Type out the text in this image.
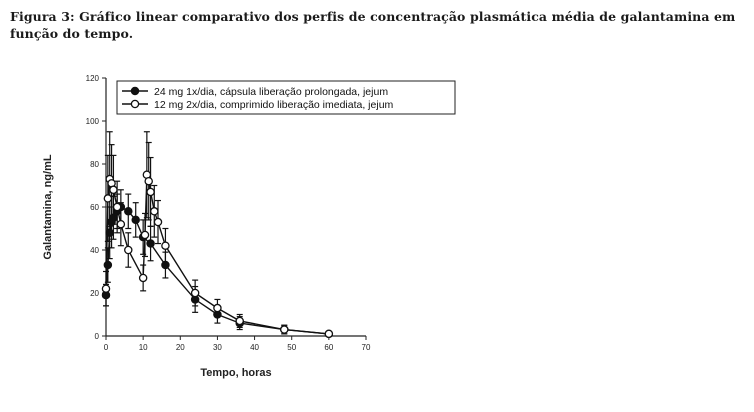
Figura 3: Gráfico linear comparativo dos perfis de concentração plasmática média de galantamina em função do tempo.
0	10	20	30	40	50	60	70
0
20
40
60
80
100
120
24 mg 1x/dia, cápsula liberação prolongada, jejum
12 mg 2x/dia, comprimido liberação imediata, jejum
Tempo, horas
Galantamina, ng/mL
